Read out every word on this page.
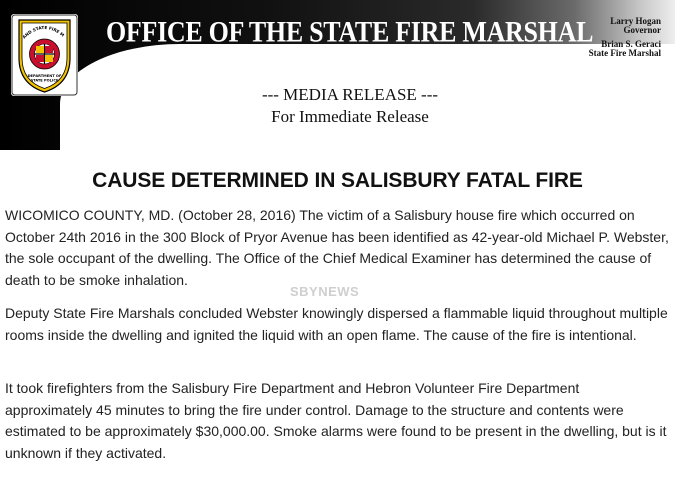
AND STATE FIRE M
DEPARTMENT OF
STATE POLICE
OFFICE OF THE STATE FIRE MARSHAL	Larry Hogan
Governor
Brian S. Geraci
State Fire Marshal
--- MEDIA RELEASE ---
For Immediate Release
CAUSE DETERMINED IN SALISBURY FATAL FIRE

WICOMICO COUNTY, MD. (October 28, 2016) The victim of a Salisbury house fire which occurred on October 24th 2016 in the 300 Block of Pryor Avenue has been identified as 42-year-old Michael P. Webster, the sole occupant of the dwelling. The Office of the Chief Medical Examiner has determined the cause of death to be smoke inhalation.

SBYNEWS

Deputy State Fire Marshals concluded Webster knowingly dispersed a flammable liquid throughout multiple rooms inside the dwelling and ignited the liquid with an open flame. The cause of the fire is intentional.

It took firefighters from the Salisbury Fire Department and Hebron Volunteer Fire Department approximately 45 minutes to bring the fire under control. Damage to the structure and contents were estimated to be approximately $30,000.00. Smoke alarms were found to be present in the dwelling, but is it unknown if they activated.
